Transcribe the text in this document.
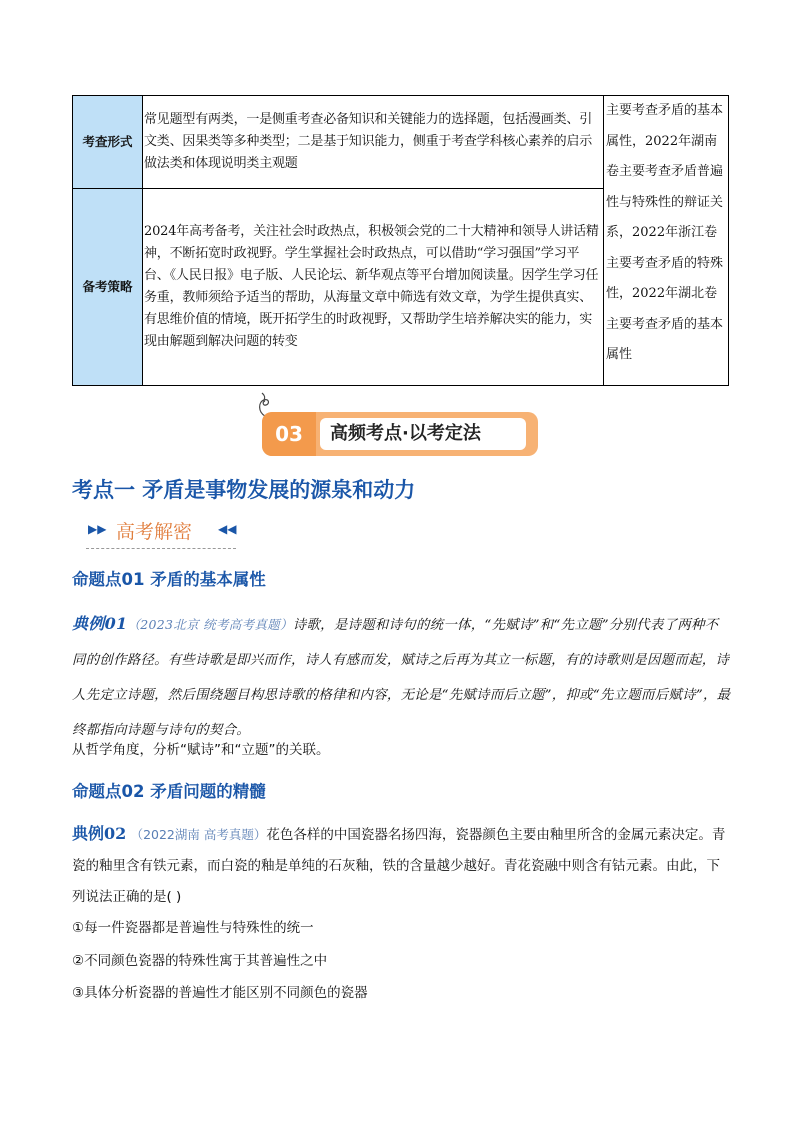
考查形式	常见题型有两类，一是侧重考查必备知识和关键能力的选择题，包括漫画类、引文类、因果类等多种类型；二是基于知识能力，侧重于考查学科核心素养的启示做法类和体现说明类主观题	主要考查矛盾的基本属性，2022年湖南卷主要考查矛盾普遍性与特殊性的辩证关系，2022年浙江卷主要考查矛盾的特殊性，2022年湖北卷主要考查矛盾的基本属性
备考策略	2024年高考备考，关注社会时政热点，积极领会党的二十大精神和领导人讲话精神，不断拓宽时政视野。学生掌握社会时政热点，可以借助“学习强国”学习平台、《人民日报》电子版、人民论坛、新华观点等平台增加阅读量。因学生学习任务重，教师须给予适当的帮助，从海量文章中筛选有效文章，为学生提供真实、有思维价值的情境，既开拓学生的时政视野，又帮助学生培养解决实的能力，实现由解题到解决问题的转变	
03	高频考点·以考定法
考点一 矛盾是事物发展的源泉和动力
▶▶ 高考解密 ◀◀
命题点01 矛盾的基本属性
典例01（2023北京 统考高考真题）诗歌，是诗题和诗句的统一体，“先赋诗”和“先立题”分别代表了两种不同的创作路径。有些诗歌是即兴而作，诗人有感而发，赋诗之后再为其立一标题，有的诗歌则是因题而起，诗人先定立诗题，然后围绕题目构思诗歌的格律和内容，无论是“先赋诗而后立题”，抑或“先立题而后赋诗”，最终都指向诗题与诗句的契合。
从哲学角度，分析“赋诗”和“立题”的关联。
命题点02 矛盾问题的精髓
典例02 （2022湖南 高考真题）花色各样的中国瓷器名扬四海，瓷器颜色主要由釉里所含的金属元素决定。青瓷的釉里含有铁元素，而白瓷的釉是单纯的石灰釉，铁的含量越少越好。青花瓷融中则含有钴元素。由此，下列说法正确的是( )
①每一件瓷器都是普遍性与特殊性的统一
②不同颜色瓷器的特殊性寓于其普遍性之中
③具体分析瓷器的普遍性才能区别不同颜色的瓷器
